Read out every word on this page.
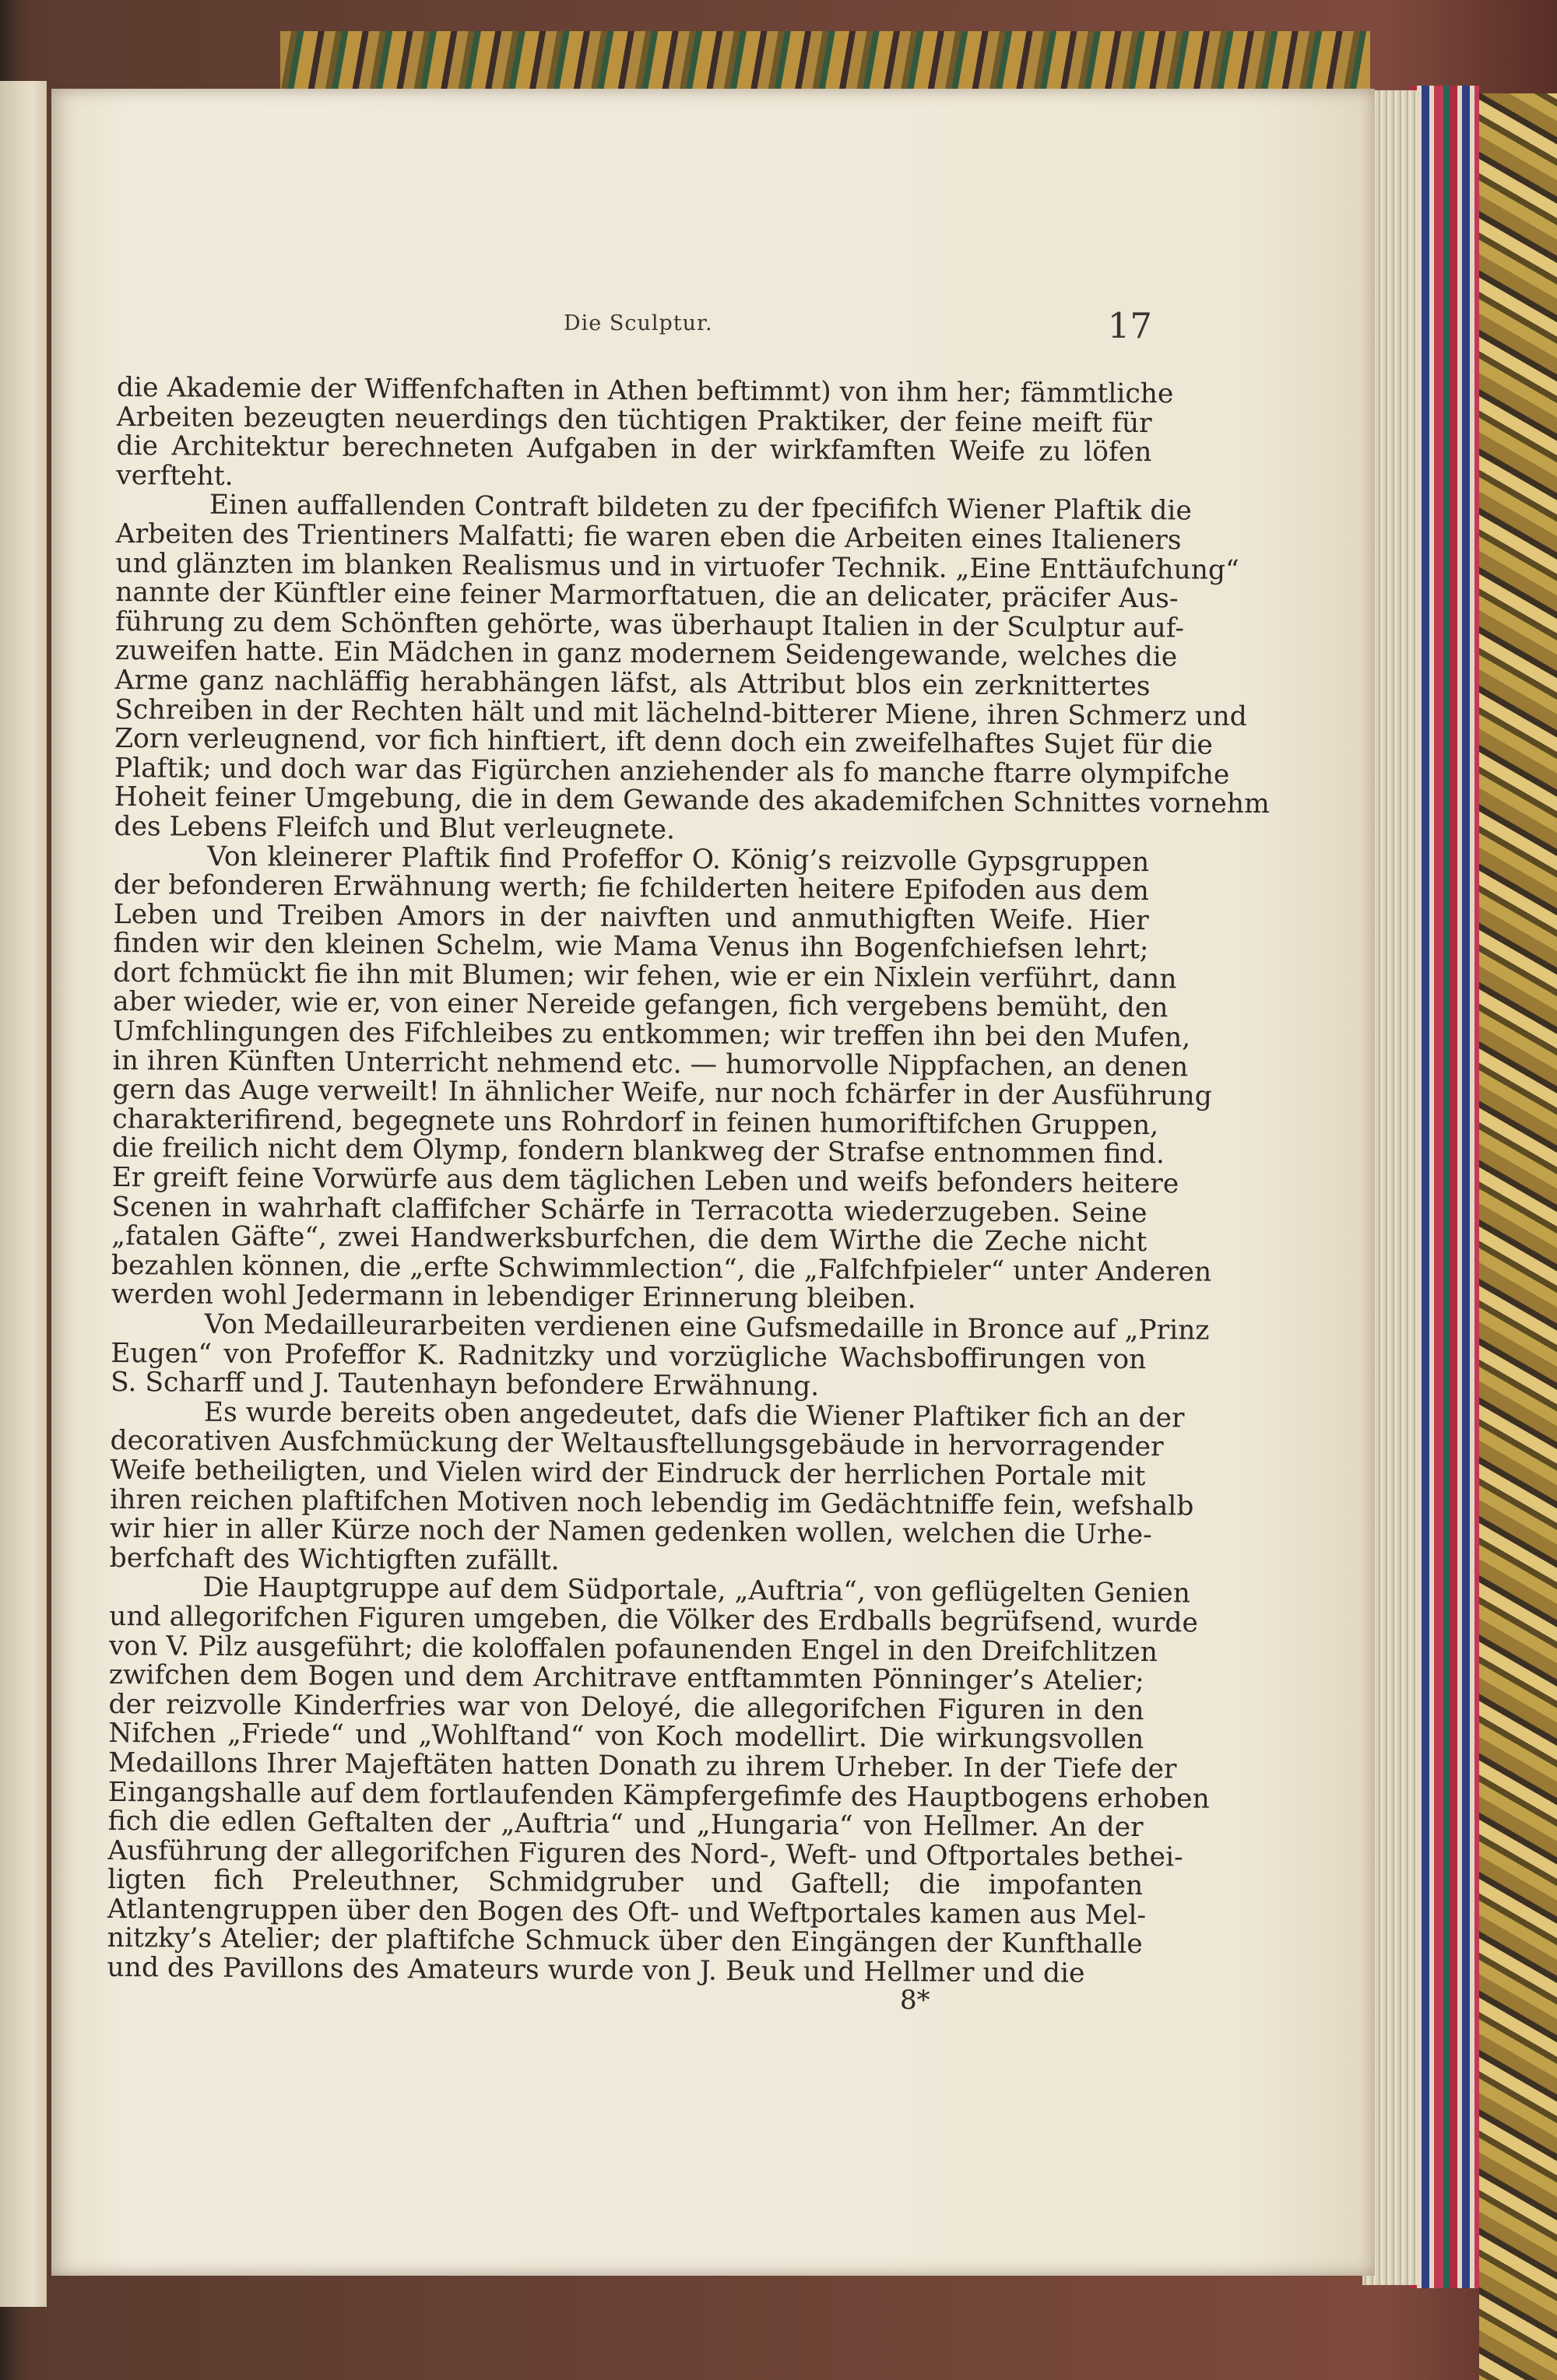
Die Sculptur.	17

die Akademie der Wiffenfchaften in Athen beftimmt) von ihm her; fämmtliche
Arbeiten bezeugten neuerdings den tüchtigen Praktiker, der feine meift für
die Architektur berechneten Aufgaben in der wirkfamften Weife zu löfen
verfteht.

Einen auffallenden Contraft bildeten zu der fpecififch Wiener Plaftik die
Arbeiten des Trientiners Malfatti; fie waren eben die Arbeiten eines Italieners
und glänzten im blanken Realismus und in virtuofer Technik. „Eine Enttäufchung“
nannte der Künftler eine feiner Marmorftatuen, die an delicater, präcifer Aus-
führung zu dem Schönften gehörte, was überhaupt Italien in der Sculptur auf-
zuweifen hatte. Ein Mädchen in ganz modernem Seidengewande, welches die
Arme ganz nachläffig herabhängen läfst, als Attribut blos ein zerknittertes
Schreiben in der Rechten hält und mit lächelnd-bitterer Miene, ihren Schmerz und
Zorn verleugnend, vor fich hinftiert, ift denn doch ein zweifelhaftes Sujet für die
Plaftik; und doch war das Figürchen anziehender als fo manche ftarre olympifche
Hoheit feiner Umgebung, die in dem Gewande des akademifchen Schnittes vornehm
des Lebens Fleifch und Blut verleugnete.

Von kleinerer Plaftik find Profeffor O. König’s reizvolle Gypsgruppen
der befonderen Erwähnung werth; fie fchilderten heitere Epifoden aus dem
Leben und Treiben Amors in der naivften und anmuthigften Weife. Hier
finden wir den kleinen Schelm, wie Mama Venus ihn Bogenfchiefsen lehrt;
dort fchmückt fie ihn mit Blumen; wir fehen, wie er ein Nixlein verführt, dann
aber wieder, wie er, von einer Nereide gefangen, fich vergebens bemüht, den
Umfchlingungen des Fifchleibes zu entkommen; wir treffen ihn bei den Mufen,
in ihren Künften Unterricht nehmend etc. — humorvolle Nippfachen, an denen
gern das Auge verweilt! In ähnlicher Weife, nur noch fchärfer in der Ausführung
charakterifirend, begegnete uns Rohrdorf in feinen humoriftifchen Gruppen,
die freilich nicht dem Olymp, fondern blankweg der Strafse entnommen find.
Er greift feine Vorwürfe aus dem täglichen Leben und weifs befonders heitere
Scenen in wahrhaft claffifcher Schärfe in Terracotta wiederzugeben. Seine
„fatalen Gäfte“, zwei Handwerksburfchen, die dem Wirthe die Zeche nicht
bezahlen können, die „erfte Schwimmlection“, die „Falfchfpieler“ unter Anderen
werden wohl Jedermann in lebendiger Erinnerung bleiben.

Von Medailleurarbeiten verdienen eine Gufsmedaille in Bronce auf „Prinz
Eugen“ von Profeffor K. Radnitzky und vorzügliche Wachsboffirungen von
S. Scharff und J. Tautenhayn befondere Erwähnung.

Es wurde bereits oben angedeutet, dafs die Wiener Plaftiker fich an der
decorativen Ausfchmückung der Weltausftellungsgebäude in hervorragender
Weife betheiligten, und Vielen wird der Eindruck der herrlichen Portale mit
ihren reichen plaftifchen Motiven noch lebendig im Gedächtniffe fein, wefshalb
wir hier in aller Kürze noch der Namen gedenken wollen, welchen die Urhe-
berfchaft des Wichtigften zufällt.

Die Hauptgruppe auf dem Südportale, „Auftria“, von geflügelten Genien
und allegorifchen Figuren umgeben, die Völker des Erdballs begrüfsend, wurde
von V. Pilz ausgeführt; die koloffalen pofaunenden Engel in den Dreifchlitzen
zwifchen dem Bogen und dem Architrave entftammten Pönninger’s Atelier;
der reizvolle Kinderfries war von Deloyé, die allegorifchen Figuren in den
Nifchen „Friede“ und „Wohlftand“ von Koch modellirt. Die wirkungsvollen
Medaillons Ihrer Majeftäten hatten Donath zu ihrem Urheber. In der Tiefe der
Eingangshalle auf dem fortlaufenden Kämpfergefimfe des Hauptbogens erhoben
fich die edlen Geftalten der „Auftria“ und „Hungaria“ von Hellmer. An der
Ausführung der allegorifchen Figuren des Nord-, Weft- und Oftportales bethei-
ligten fich Preleuthner, Schmidgruber und Gaftell; die impofanten
Atlantengruppen über den Bogen des Oft- und Weftportales kamen aus Mel-
nitzky’s Atelier; der plaftifche Schmuck über den Eingängen der Kunfthalle
und des Pavillons des Amateurs wurde von J. Beuk und Hellmer und die

8*
